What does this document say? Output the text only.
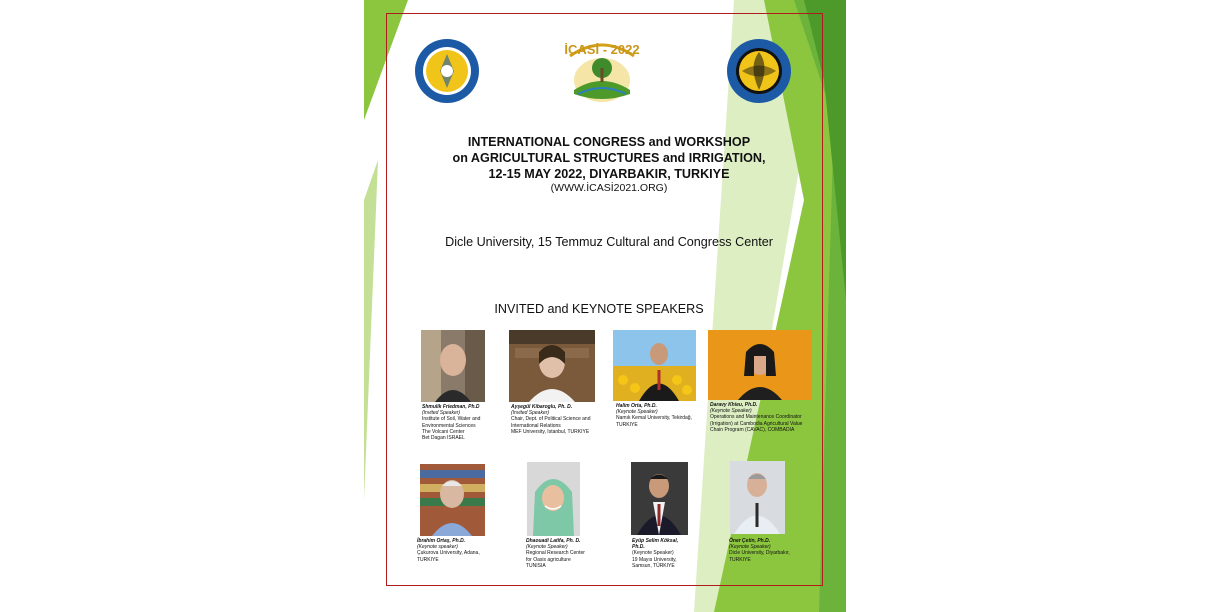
İCASİ - 2022
INTERNATIONAL CONGRESS and WORKSHOP
on AGRICULTURAL STRUCTURES and IRRIGATION,
12-15 MAY 2022, DIYARBAKIR, TURKIYE
(WWW.İCASİ2021.ORG)
Dicle University, 15 Temmuz Cultural and Congress Center
INVITED and KEYNOTE SPEAKERS
Shmulik Friedman, Ph.D
(Invited Speaker)
Institute of Soil, Water and
Environmental Sciences
The Volcani Center
Bet Dagan ISRAEL
Ayşegül Kibaroglu, Ph. D.
(Invited Speaker)
Chair, Dept. of Political Science and
International Relations
MEF University, Istanbul, TURKIYE
Halim Orta, Ph.D.
(Keynote Speaker)
Namık Kemal University, Tekirdağ,
TURKIYE
Daravy Khieu, Ph.D.
(Keynote Speaker)
Operations and Maintenance Coordinator
(Irrigation) at Cambodia Agricultural Value
Chain Program (CAVAC), COMBADIA
İbrahim Ortaş, Ph.D.
(Keynote speaker)
Çukurova University, Adana,
TURKIYE
Dhaouadi Latifa, Ph. D.
(Keynote Speaker)
Regional Research Center
for Oasis agriculture
TUNISIA
Eyüp Selim Köksal,
Ph.D.
(Keynote Speaker)
19 Mayıs University,
Samsun, TÜRKIYE
Öner Çetin, Ph.D.
(Keynote Speaker)
Dicle University, Diyarbakır,
TURKIYE
